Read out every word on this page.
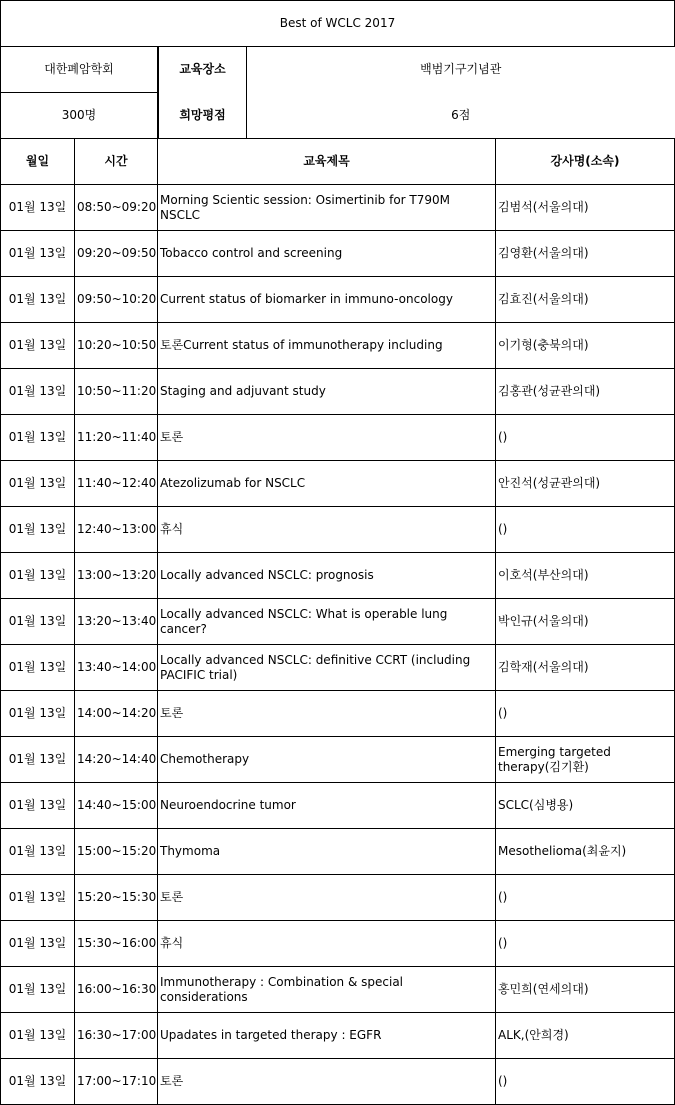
Best of WCLC 2017
대한폐암학회		교육장소	백범기구기념관

300명		희망평점	6점

월일	시간	교육제목	강사명(소속)
01월 13일	08:50~09:20	Morning Scientic session: Osimertinib for T790M NSCLC	김범석(서울의대)
01월 13일	09:20~09:50	Tobacco control and screening	김영환(서울의대)
01월 13일	09:50~10:20	Current status of biomarker in immuno-oncology	김효진(서울의대)
01월 13일	10:20~10:50	토론Current status of immunotherapy including	이기형(충북의대)
01월 13일	10:50~11:20	Staging and adjuvant study	김홍관(성균관의대)
01월 13일	11:20~11:40	토론	()
01월 13일	11:40~12:40	Atezolizumab for NSCLC	안진석(성균관의대)
01월 13일	12:40~13:00	휴식	()
01월 13일	13:00~13:20	Locally advanced NSCLC: prognosis	이호석(부산의대)
01월 13일	13:20~13:40	Locally advanced NSCLC: What is operable lung cancer?	박인규(서울의대)
01월 13일	13:40~14:00	Locally advanced NSCLC: definitive CCRT (including PACIFIC trial)	김학재(서울의대)
01월 13일	14:00~14:20	토론	()
01월 13일	14:20~14:40	Chemotherapy	Emerging targeted therapy(김기환)
01월 13일	14:40~15:00	Neuroendocrine tumor	SCLC(심병용)
01월 13일	15:00~15:20	Thymoma	Mesothelioma(최윤지)
01월 13일	15:20~15:30	토론	()
01월 13일	15:30~16:00	휴식	()
01월 13일	16:00~16:30	Immunotherapy : Combination & special considerations	홍민희(연세의대)
01월 13일	16:30~17:00	Upadates in targeted therapy : EGFR	ALK,(안희경)
01월 13일	17:00~17:10	토론	()
